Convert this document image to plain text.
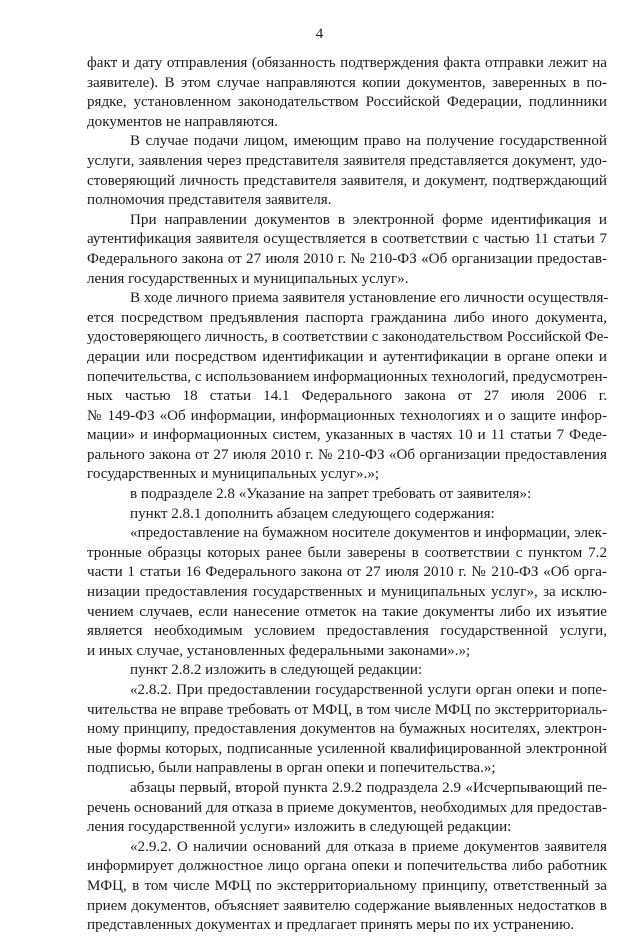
4
факт и дату отправления (обязанность подтверждения факта отправки лежит на
заявителе). В этом случае направляются копии документов, заверенных в по-
рядке, установленном законодательством Российской Федерации, подлинники
документов не направляются.
В случае подачи лицом, имеющим право на получение государственной
услуги, заявления через представителя заявителя представляется документ, удо-
стоверяющий личность представителя заявителя, и документ, подтверждающий
полномочия представителя заявителя.
При направлении документов в электронной форме идентификация и
аутентификация заявителя осуществляется в соответствии с частью 11 статьи 7
Федерального закона от 27 июля 2010 г. № 210-ФЗ «Об организации предостав-
ления государственных и муниципальных услуг».
В ходе личного приема заявителя установление его личности осуществля-
ется посредством предъявления паспорта гражданина либо иного документа,
удостоверяющего личность, в соответствии с законодательством Российской Фе-
дерации или посредством идентификации и аутентификации в органе опеки и
попечительства, с использованием информационных технологий, предусмотрен-
ных частью 18 статьи 14.1 Федерального закона от 27 июля 2006 г.
№ 149-ФЗ «Об информации, информационных технологиях и о защите инфор-
мации» и информационных систем, указанных в частях 10 и 11 статьи 7 Феде-
рального закона от 27 июля 2010 г. № 210-ФЗ «Об организации предоставления
государственных и муниципальных услуг».»;
в подразделе 2.8 «Указание на запрет требовать от заявителя»:
пункт 2.8.1 дополнить абзацем следующего содержания:
«предоставление на бумажном носителе документов и информации, элек-
тронные образцы которых ранее были заверены в соответствии с пунктом 7.2
части 1 статьи 16 Федерального закона от 27 июля 2010 г. № 210-ФЗ «Об орга-
низации предоставления государственных и муниципальных услуг», за исклю-
чением случаев, если нанесение отметок на такие документы либо их изъятие
является необходимым условием предоставления государственной услуги,
и иных случае, установленных федеральными законами».»;
пункт 2.8.2 изложить в следующей редакции:
«2.8.2. При предоставлении государственной услуги орган опеки и попе-
чительства не вправе требовать от МФЦ, в том числе МФЦ по экстерриториаль-
ному принципу, предоставления документов на бумажных носителях, электрон-
ные формы которых, подписанные усиленной квалифицированной электронной
подписью, были направлены в орган опеки и попечительства.»;
абзацы первый, второй пункта 2.9.2 подраздела 2.9 «Исчерпывающий пе-
речень оснований для отказа в приеме документов, необходимых для предостав-
ления государственной услуги» изложить в следующей редакции:
«2.9.2. О наличии оснований для отказа в приеме документов заявителя
информирует должностное лицо органа опеки и попечительства либо работник
МФЦ, в том числе МФЦ по экстерриториальному принципу, ответственный за
прием документов, объясняет заявителю содержание выявленных недостатков в
представленных документах и предлагает принять меры по их устранению.
